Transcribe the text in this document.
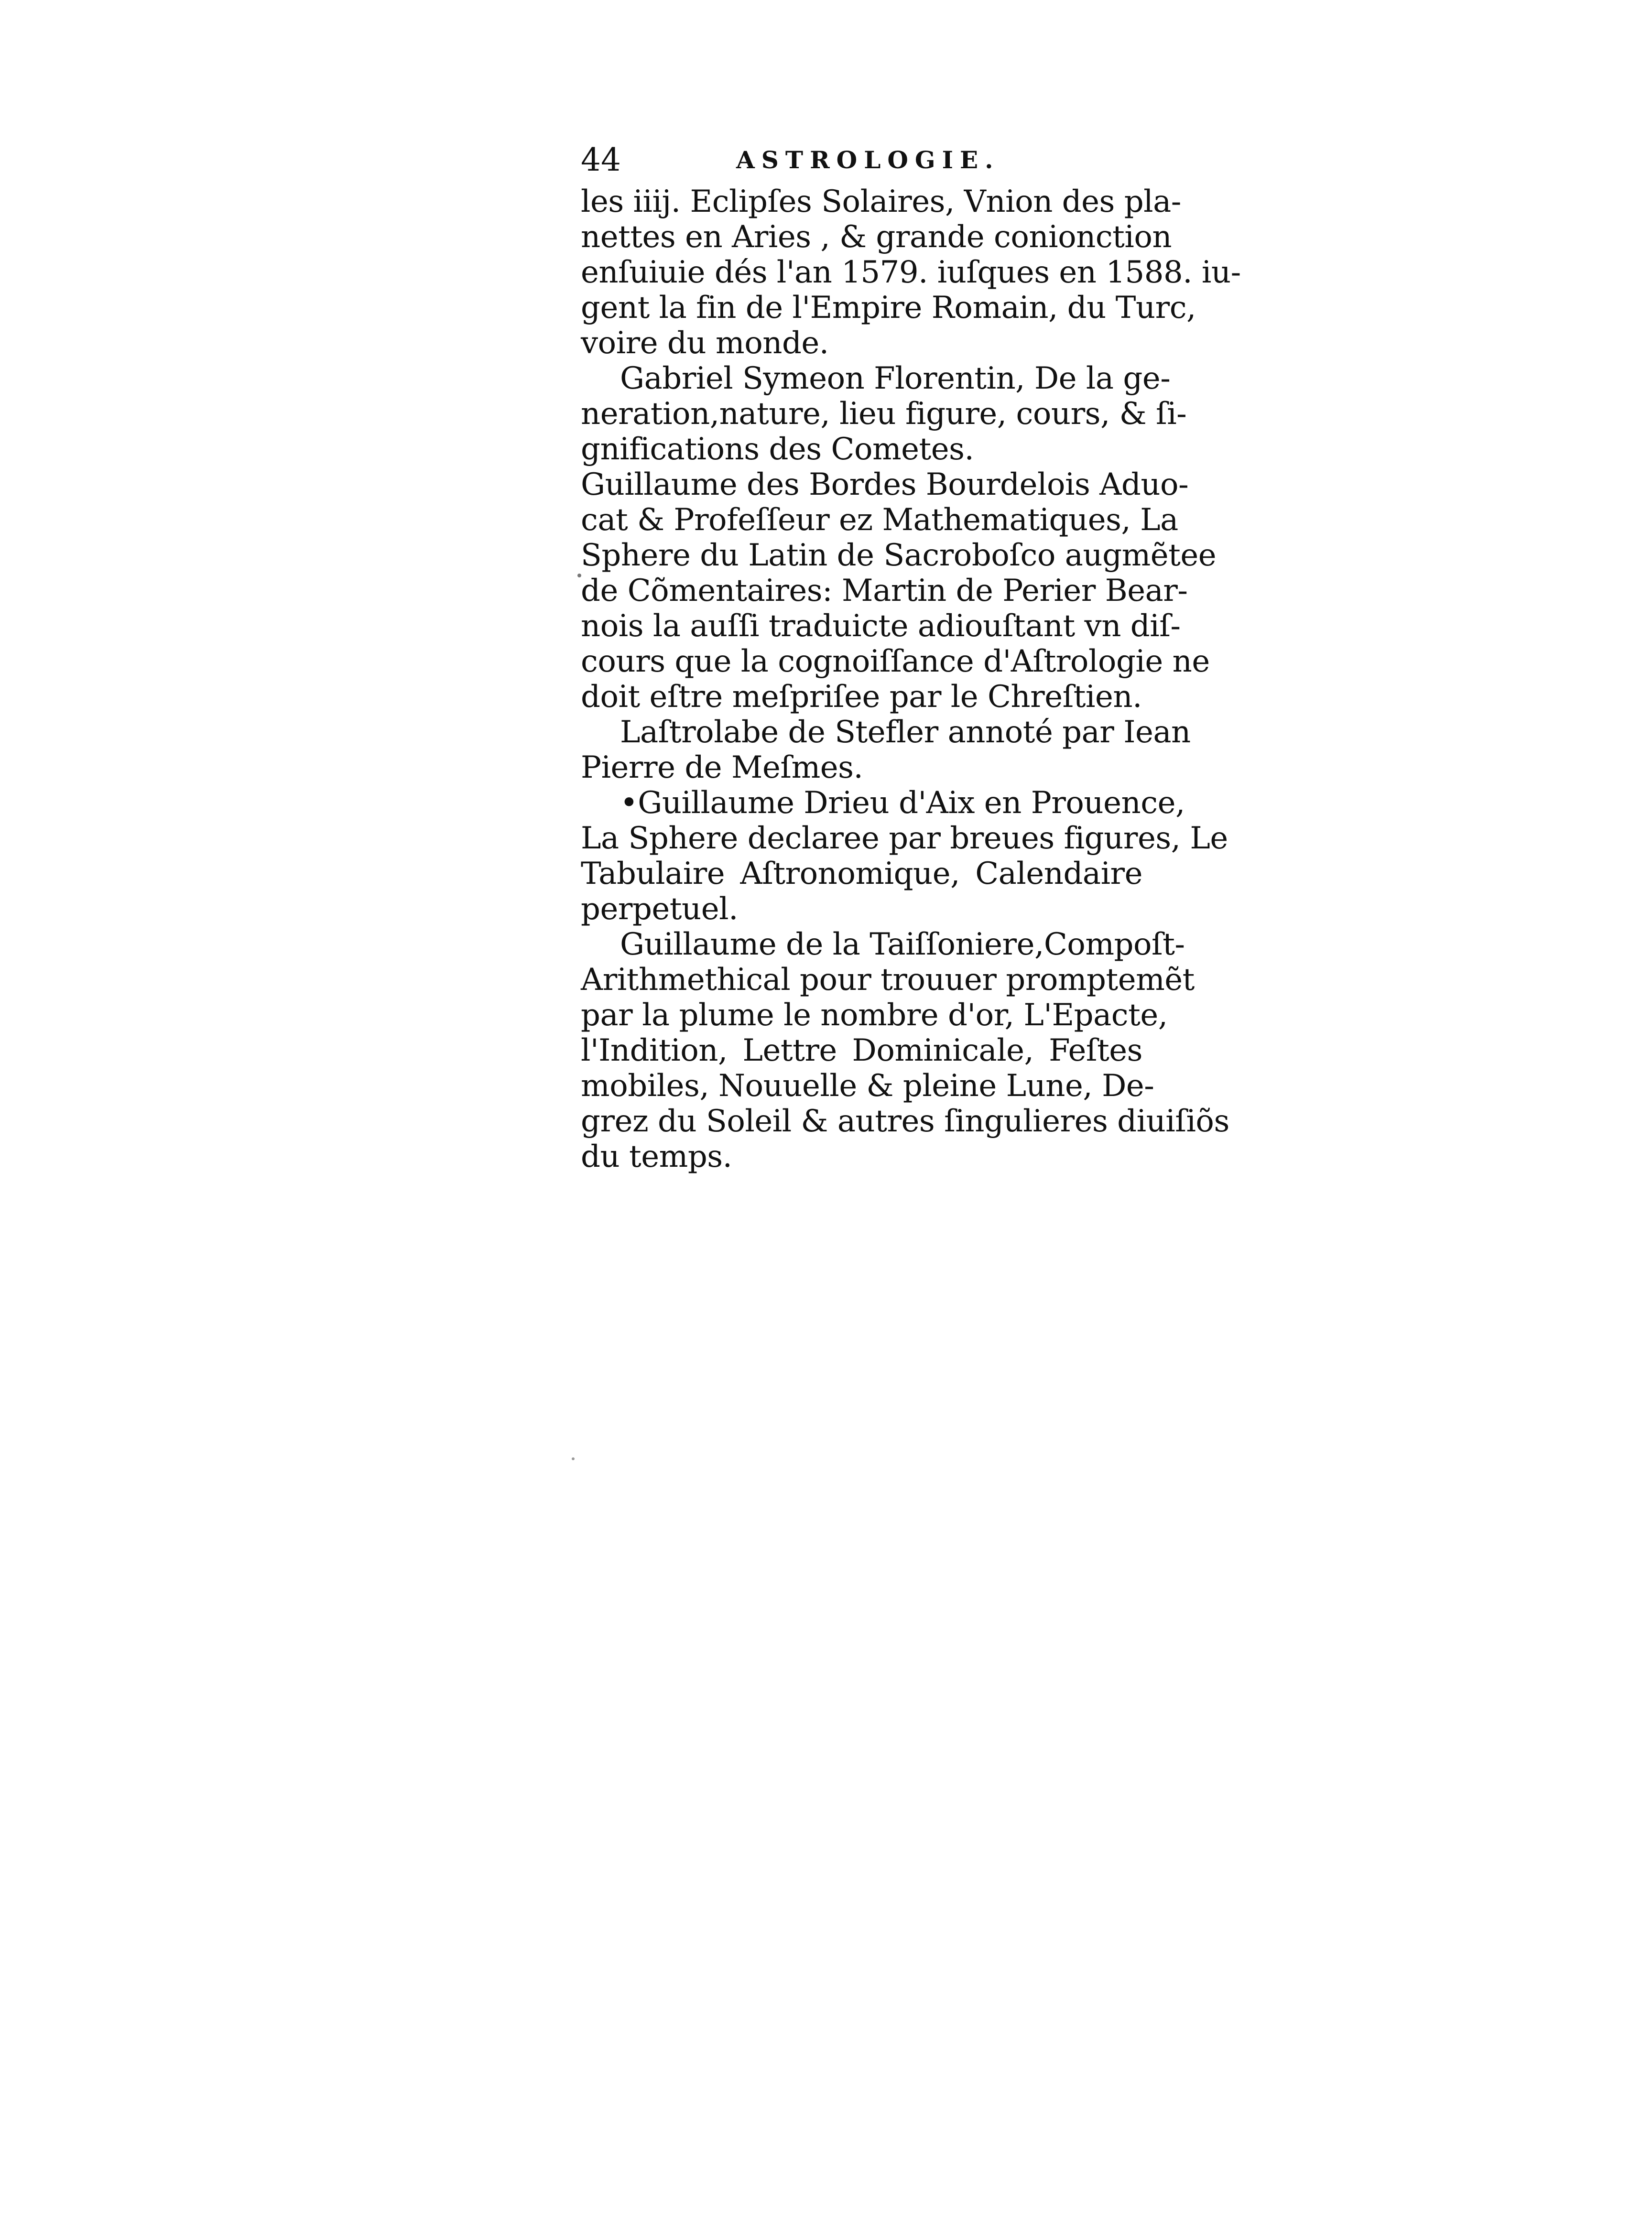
44	ASTROLOGIE.
les iiij. Eclipſes Solaires, Vnion des pla-
nettes en Aries , & grande conionction
enſuiuie dés l'an 1579. iuſques en 1588. iu-
gent la fin de l'Empire Romain, du Turc,
voire du monde.
Gabriel Symeon Florentin, De la ge-
neration,nature, lieu figure, cours, & ſi-
gnifications des Cometes.
Guillaume des Bordes Bourdelois Aduo-
cat & Profeſſeur ez Mathematiques, La
Sphere du Latin de Sacroboſco augmẽtee
de Cõmentaires: Martin de Perier Bear-
nois la auſſi traduicte adiouſtant vn diſ-
cours que la cognoiſſance d'Aſtrologie ne
doit eſtre meſpriſee par le Chreſtien.
Laſtrolabe de Stefler annoté par Iean
Pierre de Meſmes.
•Guillaume Drieu d'Aix en Prouence,
La Sphere declaree par breues figures, Le
Tabulaire Aſtronomique, Calendaire
perpetuel.
Guillaume de la Taiſſoniere,Compoſt-
Arithmethical pour trouuer promptemẽt
par la plume le nombre d'or, L'Epacte,
l'Indition, Lettre Dominicale, Feſtes
mobiles, Nouuelle & pleine Lune, De-
grez du Soleil & autres ſingulieres diuiſiõs
du temps.
